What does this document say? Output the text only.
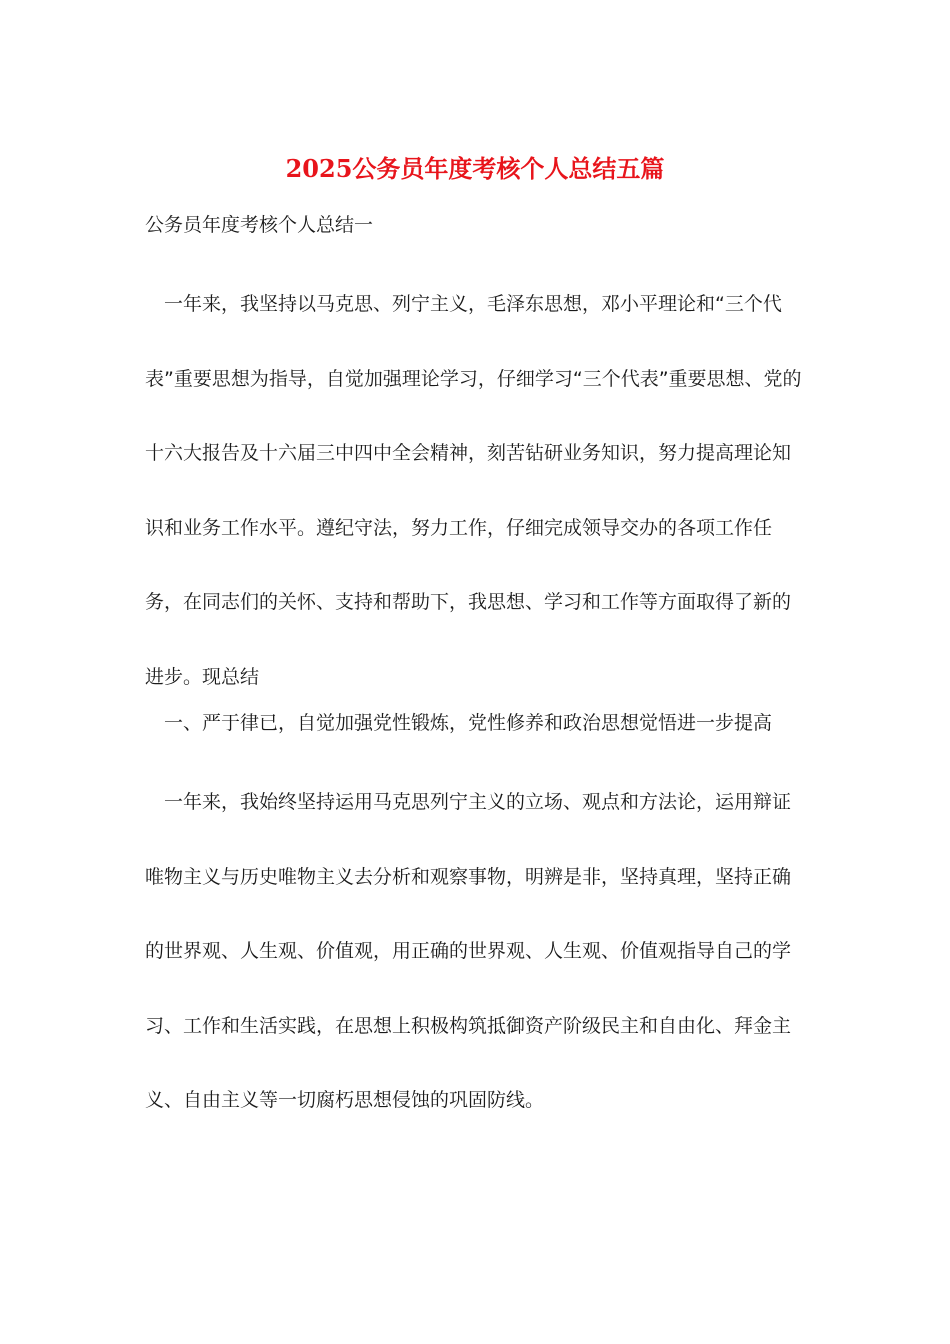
2025公务员年度考核个人总结五篇

公务员年度考核个人总结一

一年来，我坚持以马克思、列宁主义，毛泽东思想，邓小平理论和“三个代表”重要思想为指导，自觉加强理论学习，仔细学习“三个代表”重要思想、党的十六大报告及十六届三中四中全会精神，刻苦钻研业务知识，努力提高理论知识和业务工作水平。遵纪守法，努力工作，仔细完成领导交办的各项工作任务，在同志们的关怀、支持和帮助下，我思想、学习和工作等方面取得了新的进步。现总结

一、严于律已，自觉加强党性锻炼，党性修养和政治思想觉悟进一步提高

一年来，我始终坚持运用马克思列宁主义的立场、观点和方法论，运用辩证唯物主义与历史唯物主义去分析和观察事物，明辨是非，坚持真理，坚持正确的世界观、人生观、价值观，用正确的世界观、人生观、价值观指导自己的学习、工作和生活实践，在思想上积极构筑抵御资产阶级民主和自由化、拜金主义、自由主义等一切腐朽思想侵蚀的巩固防线。
